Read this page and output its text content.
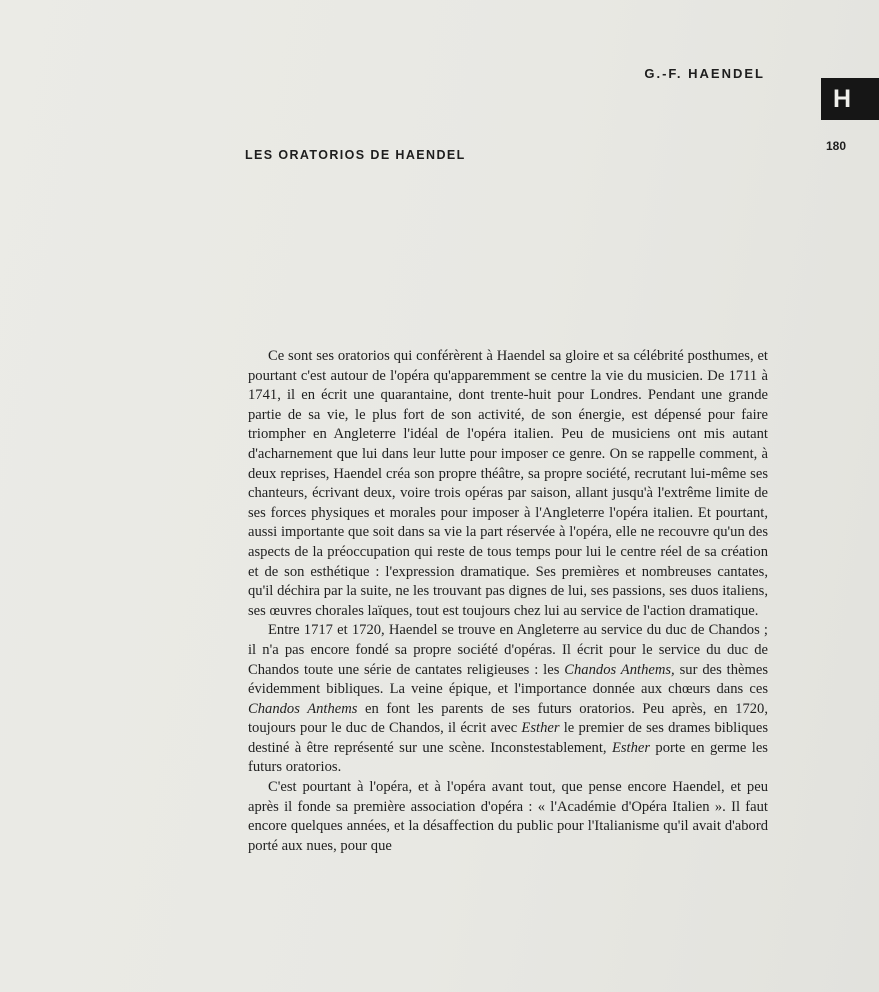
G.-F. HAENDEL
H
180
LES ORATORIOS DE HAENDEL

Ce sont ses oratorios qui conférèrent à Haendel sa gloire et sa célébrité posthumes, et pourtant c'est autour de l'opéra qu'apparemment se centre la vie du musicien. De 1711 à 1741, il en écrit une quarantaine, dont trente-huit pour Londres. Pendant une grande partie de sa vie, le plus fort de son activité, de son énergie, est dépensé pour faire triompher en Angleterre l'idéal de l'opéra italien. Peu de musiciens ont mis autant d'acharnement que lui dans leur lutte pour imposer ce genre. On se rappelle comment, à deux reprises, Haendel créa son propre théâtre, sa propre société, recrutant lui-même ses chanteurs, écrivant deux, voire trois opéras par saison, allant jusqu'à l'extrême limite de ses forces physiques et morales pour imposer à l'Angleterre l'opéra italien. Et pourtant, aussi importante que soit dans sa vie la part réservée à l'opéra, elle ne recouvre qu'un des aspects de la préoccupation qui reste de tous temps pour lui le centre réel de sa création et de son esthétique : l'expression dramatique. Ses premières et nombreuses cantates, qu'il déchira par la suite, ne les trouvant pas dignes de lui, ses passions, ses duos italiens, ses œuvres chorales laïques, tout est toujours chez lui au service de l'action dramatique.

Entre 1717 et 1720, Haendel se trouve en Angleterre au service du duc de Chandos ; il n'a pas encore fondé sa propre société d'opéras. Il écrit pour le service du duc de Chandos toute une série de cantates religieuses : les Chandos Anthems, sur des thèmes évidemment bibliques. La veine épique, et l'importance donnée aux chœurs dans ces Chandos Anthems en font les parents de ses futurs oratorios. Peu après, en 1720, toujours pour le duc de Chandos, il écrit avec Esther le premier de ses drames bibliques destiné à être représenté sur une scène. Inconstestablement, Esther porte en germe les futurs oratorios.

C'est pourtant à l'opéra, et à l'opéra avant tout, que pense encore Haendel, et peu après il fonde sa première association d'opéra : « l'Académie d'Opéra Italien ». Il faut encore quelques années, et la désaffection du public pour l'Italianisme qu'il avait d'abord porté aux nues, pour que
